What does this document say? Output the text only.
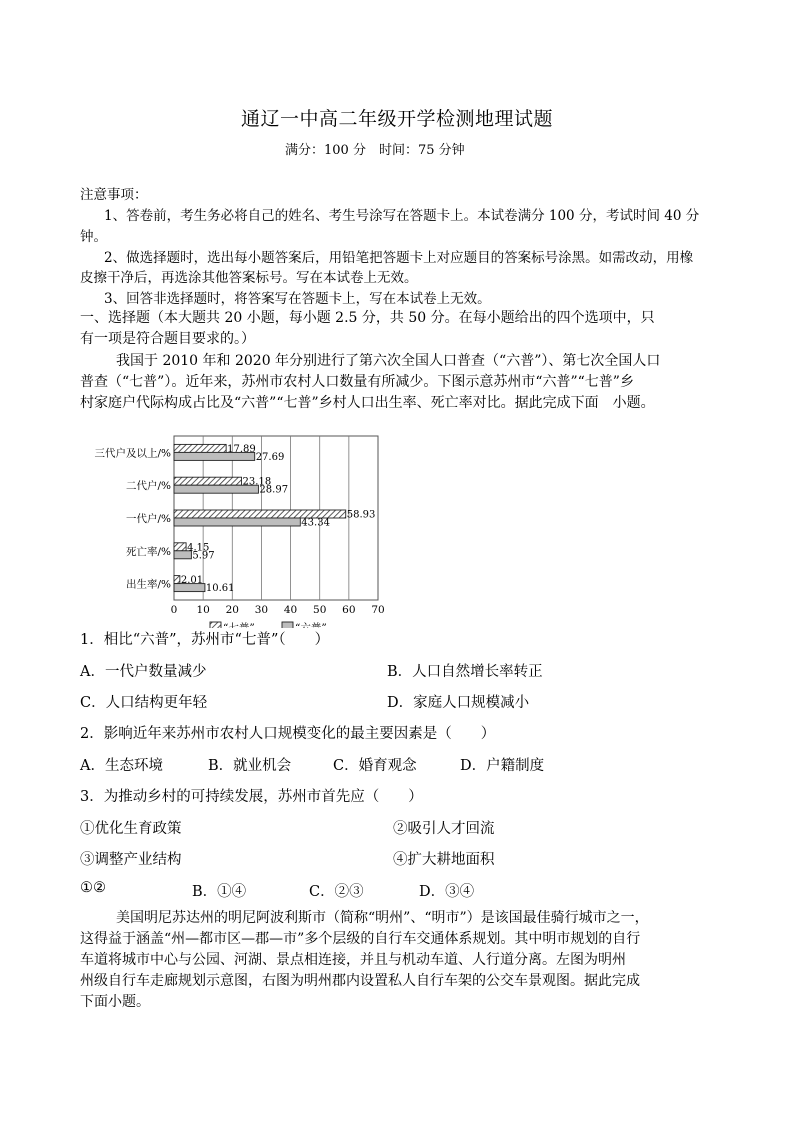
通辽一中高二年级开学检测地理试题
满分：100 分　时间：75 分钟
注意事项：
1、答卷前，考生务必将自己的姓名、考生号涂写在答题卡上。本试卷满分 100 分，考试时间 40 分
钟。
2、做选择题时，选出每小题答案后，用铅笔把答题卡上对应题目的答案标号涂黑。如需改动，用橡
皮擦干净后，再选涂其他答案标号。写在本试卷上无效。
3、回答非选择题时，将答案写在答题卡上，写在本试卷上无效。
一、选择题（本大题共 20 小题，每小题 2.5 分，共 50 分。在每小题给出的四个选项中，只
有一项是符合题目要求的。）
我国于 2010 年和 2020 年分别进行了第六次全国人口普查（“六普”）、第七次全国人口
普查（“七普”）。近年来，苏州市农村人口数量有所减少。下图示意苏州市“六普”“七普”乡
村家庭户代际构成占比及“六普”“七普”乡村人口出生率、死亡率对比。据此完成下面　小题。
17.89
27.69
23.18
28.97
58.93
43.34
4.15
5.97
2.01
10.61
0 10 20 30 40 50 60 70
三代户及以上/%
二代户/%
一代户/%
死亡率/%
出生率/%
1．相比“六普”，苏州市“七普”（　　）
A．一代户数量减少	B．人口自然增长率转正
C．人口结构更年轻	D．家庭人口规模减小
2．影响近年来苏州市农村人口规模变化的最主要因素是（　　）
A．生态环境	B．就业机会	C．婚育观念	D．户籍制度
3．为推动乡村的可持续发展，苏州市首先应（　　）
①优化生育政策	②吸引人才回流
③调整产业结构	④扩大耕地面积
①②	B．①④	C．②③	D．③④
美国明尼苏达州的明尼阿波利斯市（简称“明州”、“明市”）是该国最佳骑行城市之一，
这得益于涵盖“州—都市区—郡—市”多个层级的自行车交通体系规划。其中明市规划的自行
车道将城市中心与公园、河湖、景点相连接，并且与机动车道、人行道分离。左图为明州
州级自行车走廊规划示意图，右图为明州郡内设置私人自行车架的公交车景观图。据此完成
下面小题。
